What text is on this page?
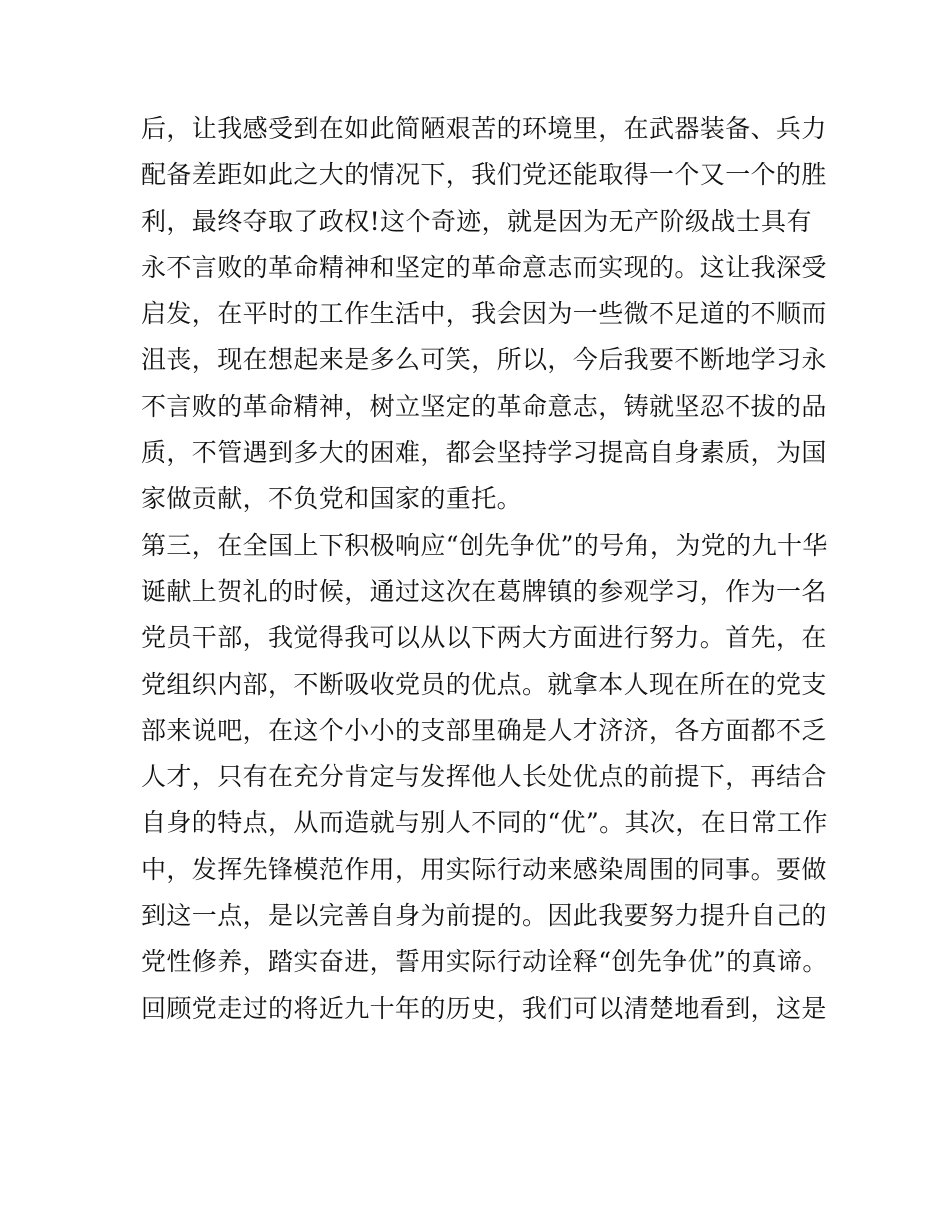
后，让我感受到在如此简陋艰苦的环境里，在武器装备、兵力
配备差距如此之大的情况下，我们党还能取得一个又一个的胜
利，最终夺取了政权!这个奇迹，就是因为无产阶级战士具有
永不言败的革命精神和坚定的革命意志而实现的。这让我深受
启发，在平时的工作生活中，我会因为一些微不足道的不顺而
沮丧，现在想起来是多么可笑，所以，今后我要不断地学习永
不言败的革命精神，树立坚定的革命意志，铸就坚忍不拔的品
质，不管遇到多大的困难，都会坚持学习提高自身素质，为国
家做贡献，不负党和国家的重托。
第三，在全国上下积极响应“创先争优”的号角，为党的九十华
诞献上贺礼的时候，通过这次在葛牌镇的参观学习，作为一名
党员干部，我觉得我可以从以下两大方面进行努力。首先，在
党组织内部，不断吸收党员的优点。就拿本人现在所在的党支
部来说吧，在这个小小的支部里确是人才济济，各方面都不乏
人才，只有在充分肯定与发挥他人长处优点的前提下，再结合
自身的特点，从而造就与别人不同的“优”。其次，在日常工作
中，发挥先锋模范作用，用实际行动来感染周围的同事。要做
到这一点，是以完善自身为前提的。因此我要努力提升自己的
党性修养，踏实奋进，誓用实际行动诠释“创先争优”的真谛。
回顾党走过的将近九十年的历史，我们可以清楚地看到，这是
